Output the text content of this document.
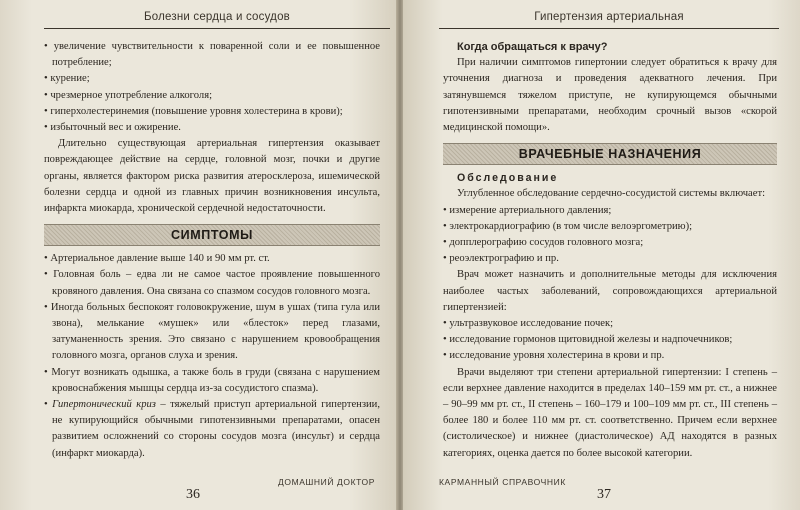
Болезни сердца и сосудов

• увеличение чувствительности к поваренной соли и ее повышенное потребление;

• курение;

• чрезмерное употребление алкоголя;

• гиперхолестеринемия (повышение уровня холестерина в крови);

• избыточный вес и ожирение.

Длительно существующая артериальная гипертензия оказывает повреждающее действие на сердце, головной мозг, почки и другие органы, является фактором риска развития атеросклероза, ишемической болезни сердца и одной из главных причин возникновения инсульта, инфаркта миокарда, хронической сердечной недостаточности.

СИМПТОМЫ

• Артериальное давление выше 140 и 90 мм рт. ст.

• Головная боль – едва ли не самое частое проявление повышенного кровяного давления. Она связана со спазмом сосудов головного мозга.

• Иногда больных беспокоят головокружение, шум в ушах (типа гула или звона), мелькание «мушек» или «блесток» перед глазами, затуманенность зрения. Это связано с нарушением кровообращения головного мозга, органов слуха и зрения.

• Могут возникать одышка, а также боль в груди (связана с нарушением кровоснабжения мышцы сердца из-за сосудистого спазма).

• Гипертонический криз – тяжелый приступ артериальной гипертензии, не купирующийся обычными гипотензивными препаратами, опасен развитием осложнений со стороны сосудов мозга (инсульт) и сердца (инфаркт миокарда).

ДОМАШНИЙ ДОКТОР
36
Гипертензия артериальная

Когда обращаться к врачу?

При наличии симптомов гипертонии следует обратиться к врачу для уточнения диагноза и проведения адекватного лечения. При затянувшемся тяжелом приступе, не купирующемся обычными гипотензивными препаратами, необходим срочный вызов «скорой медицинской помощи».

ВРАЧЕБНЫЕ НАЗНАЧЕНИЯ

Обследование

Углубленное обследование сердечно-сосудистой системы включает:

• измерение артериального давления;

• электрокардиографию (в том числе велоэргометрию);

• допплерографию сосудов головного мозга;

• реоэлектрографию и пр.

Врач может назначить и дополнительные методы для исключения наиболее частых заболеваний, сопровождающихся артериальной гипертензией:

• ультразвуковое исследование почек;

• исследование гормонов щитовидной железы и надпочечников;

• исследование уровня холестерина в крови и пр.

Врачи выделяют три степени артериальной гипертензии: I степень – если верхнее давление находится в пределах 140–159 мм рт. ст., а нижнее – 90–99 мм рт. ст., II степень – 160–179 и 100–109 мм рт. ст., III степень – более 180 и более 110 мм рт. ст. соответственно. Причем если верхнее (систолическое) и нижнее (диастолическое) АД находятся в разных категориях, оценка дается по более высокой категории.

КАРМАННЫЙ СПРАВОЧНИК
37
